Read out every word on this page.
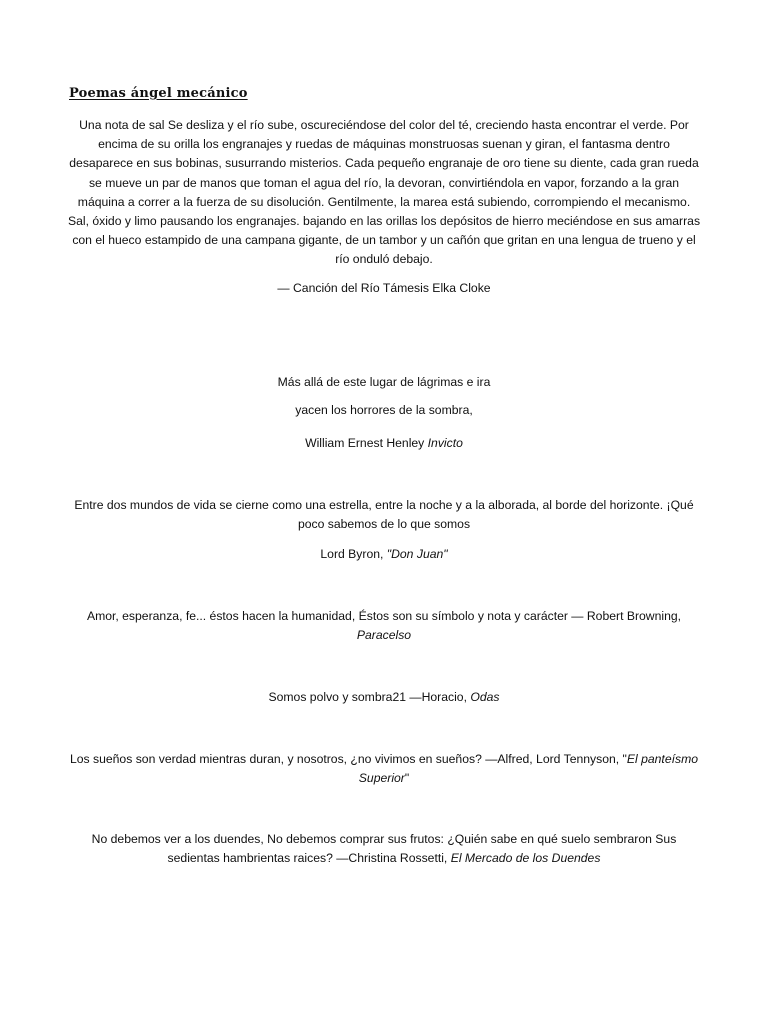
Poemas ángel mecánico

Una nota de sal Se desliza y el río sube, oscureciéndose del color del té, creciendo hasta encontrar el verde. Por encima de su orilla los engranajes y ruedas de máquinas monstruosas suenan y giran, el fantasma dentro desaparece en sus bobinas, susurrando misterios. Cada pequeño engranaje de oro tiene su diente, cada gran rueda se mueve un par de manos que toman el agua del río, la devoran, convirtiéndola en vapor, forzando a la gran máquina a correr a la fuerza de su disolución. Gentilmente, la marea está subiendo, corrompiendo el mecanismo. Sal, óxido y limo pausando los engranajes. bajando en las orillas los depósitos de hierro meciéndose en sus amarras con el hueco estampido de una campana gigante, de un tambor y un cañón que gritan en una lengua de trueno y el río onduló debajo.

— Canción del Río Támesis Elka Cloke

Más allá de este lugar de lágrimas e ira

yacen los horrores de la sombra,

William Ernest Henley Invicto

Entre dos mundos de vida se cierne como una estrella, entre la noche y a la alborada, al borde del horizonte. ¡Qué poco sabemos de lo que somos

Lord Byron, "Don Juan"

Amor, esperanza, fe... éstos hacen la humanidad, Éstos son su símbolo y nota y carácter — Robert Browning, Paracelso

Somos polvo y sombra21 —Horacio, Odas

Los sueños son verdad mientras duran, y nosotros, ¿no vivimos en sueños? —Alfred, Lord Tennyson, "El panteísmo Superior"

No debemos ver a los duendes, No debemos comprar sus frutos: ¿Quién sabe en qué suelo sembraron Sus sedientas hambrientas raices? —Christina Rossetti, El Mercado de los Duendes
